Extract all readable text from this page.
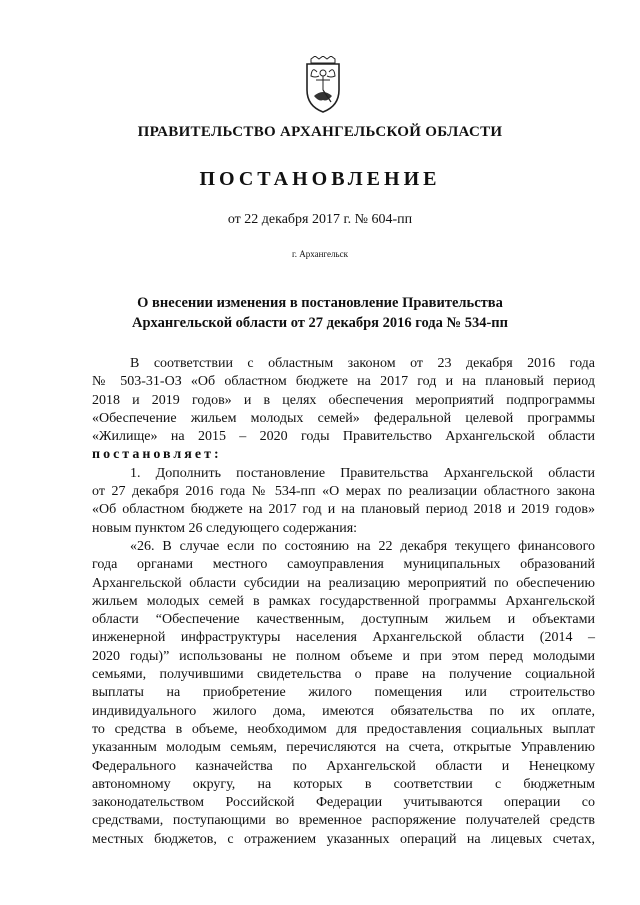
ПРАВИТЕЛЬСТВО АРХАНГЕЛЬСКОЙ ОБЛАСТИ
ПОСТАНОВЛЕНИЕ
от 22 декабря 2017 г. № 604-пп
г. Архангельск
О внесении изменения в постановление Правительства
Архангельской области от 27 декабря 2016 года № 534-пп

В соответствии с областным законом от 23 декабря 2016 года

№ 503-31-ОЗ «Об областном бюджете на 2017 год и на плановый период

2018 и 2019 годов» и в целях обеспечения мероприятий подпрограммы

«Обеспечение жильем молодых семей» федеральной целевой программы

«Жилище» на 2015 – 2020 годы Правительство Архангельской области

постановляет:

1. Дополнить постановление Правительства Архангельской области

от 27 декабря 2016 года № 534-пп «О мерах по реализации областного закона

«Об областном бюджете на 2017 год и на плановый период 2018 и 2019 годов»

новым пунктом 26 следующего содержания:

«26. В случае если по состоянию на 22 декабря текущего финансового

года органами местного самоуправления муниципальных образований

Архангельской области субсидии на реализацию мероприятий по обеспечению

жильем молодых семей в рамках государственной программы Архангельской

области “Обеспечение качественным, доступным жильем и объектами

инженерной инфраструктуры населения Архангельской области (2014 –

2020 годы)” использованы не полном объеме и при этом перед молодыми

семьями, получившими свидетельства о праве на получение социальной

выплаты на приобретение жилого помещения или строительство

индивидуального жилого дома, имеются обязательства по их оплате,

то средства в объеме, необходимом для предоставления социальных выплат

указанным молодым семьям, перечисляются на счета, открытые Управлению

Федерального казначейства по Архангельской области и Ненецкому

автономному округу, на которых в соответствии с бюджетным

законодательством Российской Федерации учитываются операции со

средствами, поступающими во временное распоряжение получателей средств

местных бюджетов, с отражением указанных операций на лицевых счетах,
